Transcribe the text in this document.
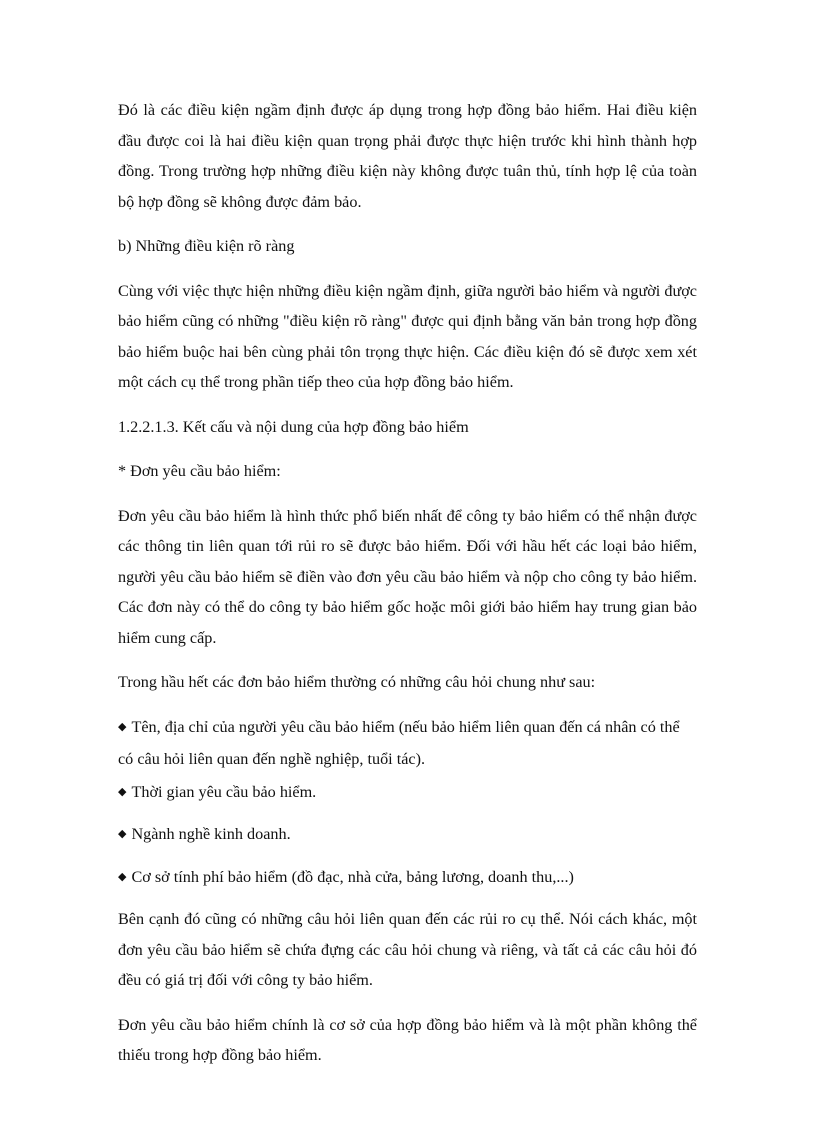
Đó là các điều kiện ngầm định được áp dụng trong hợp đồng bảo hiểm. Hai điều kiện đầu được coi là hai điều kiện quan trọng phải được thực hiện trước khi hình thành hợp đồng. Trong trường hợp những điều kiện này không được tuân thủ, tính hợp lệ của toàn bộ hợp đồng sẽ không được đảm bảo.

b) Những điều kiện rõ ràng

Cùng với việc thực hiện những điều kiện ngầm định, giữa người bảo hiểm và người được bảo hiểm cũng có những "điều kiện rõ ràng" được qui định bằng văn bản trong hợp đồng bảo hiểm buộc hai bên cùng phải tôn trọng thực hiện. Các điều kiện đó sẽ được xem xét một cách cụ thể trong phần tiếp theo của hợp đồng bảo hiểm.

1.2.2.1.3. Kết cấu và nội dung của hợp đồng bảo hiểm

* Đơn yêu cầu bảo hiểm:

Đơn yêu cầu bảo hiểm là hình thức phổ biến nhất để công ty bảo hiểm có thể nhận được các thông tin liên quan tới rủi ro sẽ được bảo hiểm. Đối với hầu hết các loại bảo hiểm, người yêu cầu bảo hiểm sẽ điền vào đơn yêu cầu bảo hiểm và nộp cho công ty bảo hiểm. Các đơn này có thể do công ty bảo hiểm gốc hoặc môi giới bảo hiểm hay trung gian bảo hiểm cung cấp.

Trong hầu hết các đơn bảo hiểm thường có những câu hỏi chung như sau:

◆ Tên, địa chỉ của người yêu cầu bảo hiểm (nếu bảo hiểm liên quan đến cá nhân có thể có câu hỏi liên quan đến nghề nghiệp, tuổi tác).
◆ Thời gian yêu cầu bảo hiểm.
◆ Ngành nghề kinh doanh.
◆ Cơ sở tính phí bảo hiểm (đồ đạc, nhà cửa, bảng lương, doanh thu,...)

Bên cạnh đó cũng có những câu hỏi liên quan đến các rủi ro cụ thể. Nói cách khác, một đơn yêu cầu bảo hiểm sẽ chứa đựng các câu hỏi chung và riêng, và tất cả các câu hỏi đó đều có giá trị đối với công ty bảo hiểm.

Đơn yêu cầu bảo hiểm chính là cơ sở của hợp đồng bảo hiểm và là một phần không thể thiếu trong hợp đồng bảo hiểm.
